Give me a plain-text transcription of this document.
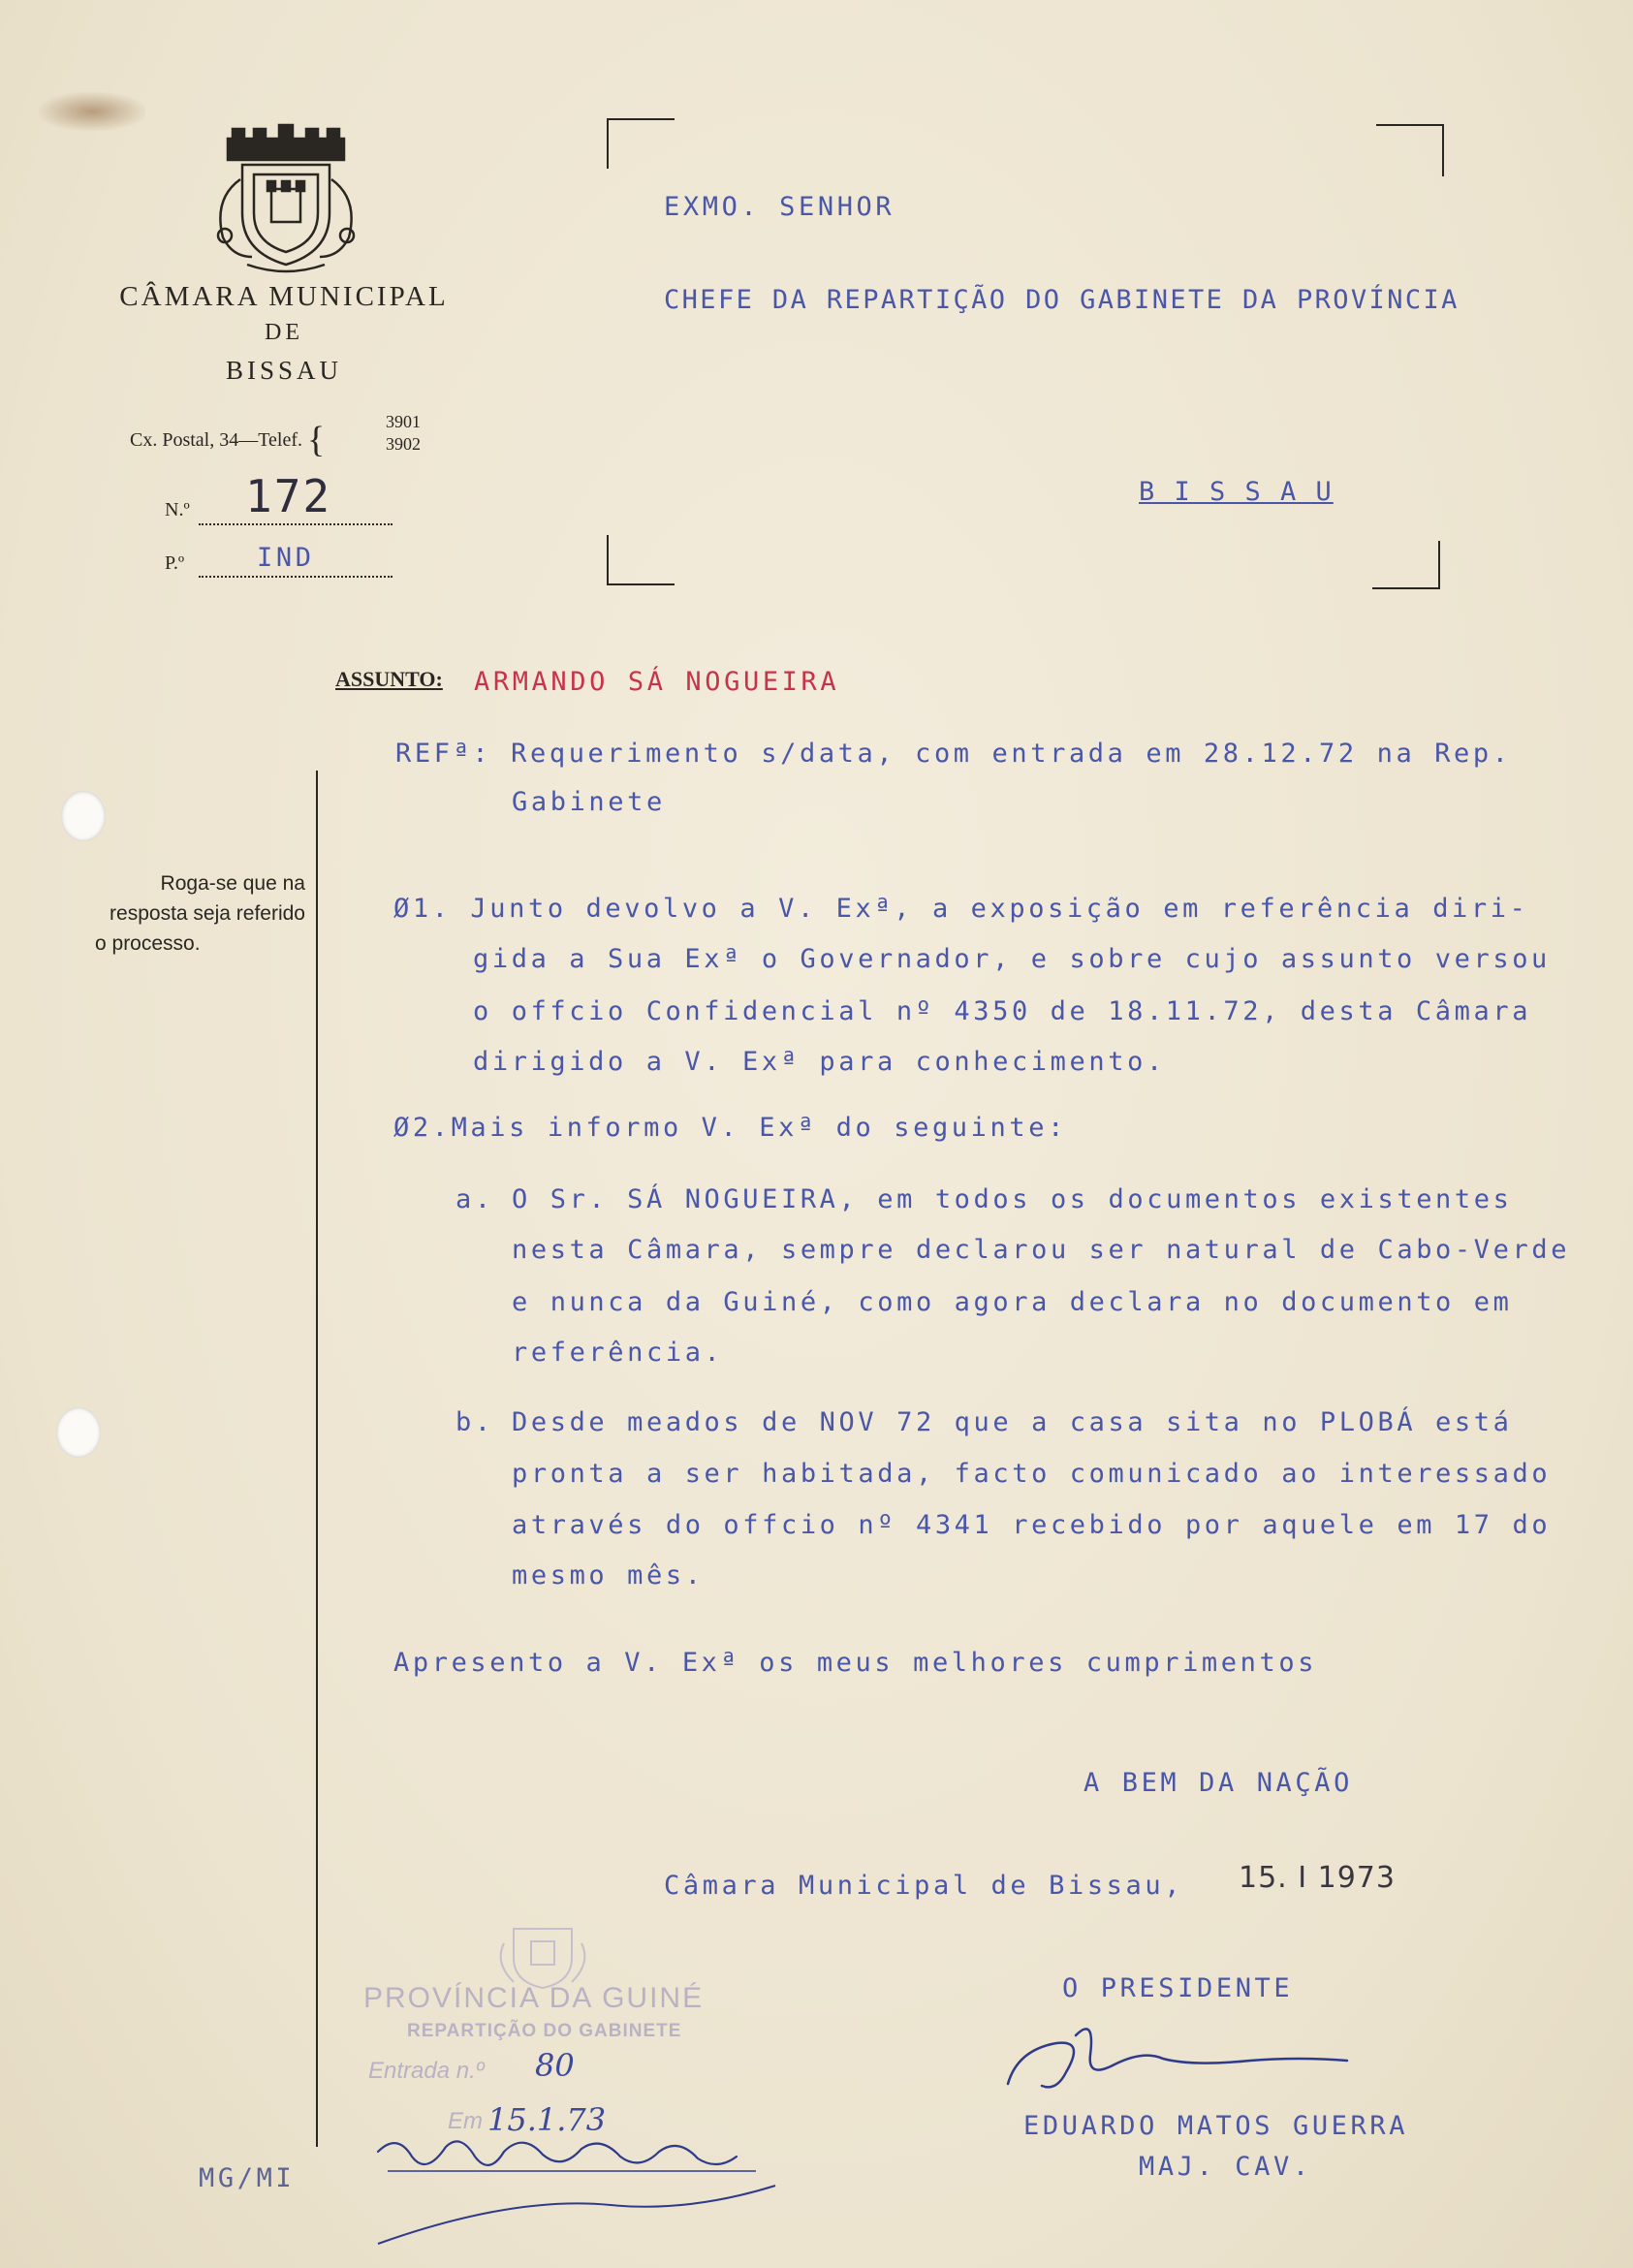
CÂMARA MUNICIPAL
DE
BISSAU
Cx. Postal, 34—Telef. {	3901
3902
N.º 172
P.º	IND
EXMO. SENHOR
CHEFE DA REPARTIÇÃO DO GABINETE DA PROVÍNCIA
B I S S A U
ASSUNTO: ARMANDO SÁ NOGUEIRA
Roga-se que na
resposta seja referido
o processo.
REFª: Requerimento s/data, com entrada em 28.12.72 na Rep.
Gabinete
Ø1. Junto devolvo a V. Exª, a exposição em referência diri-
gida a Sua Exª o Governador, e sobre cujo assunto versou
o offcio Confidencial nº 4350 de 18.11.72, desta Câmara
dirigido a V. Exª para conhecimento.
Ø2.Mais informo V. Exª do seguinte:
a. O Sr. SÁ NOGUEIRA, em todos os documentos existentes
nesta Câmara, sempre declarou ser natural de Cabo-Verde
e nunca da Guiné, como agora declara no documento em
referência.
b. Desde meados de NOV 72 que a casa sita no PLOBÁ está
pronta a ser habitada, facto comunicado ao interessado
através do offcio nº 4341 recebido por aquele em 17 do
mesmo mês.
Apresento a V. Exª os meus melhores cumprimentos
A BEM DA NAÇÃO
Câmara Municipal de Bissau, 15. I 1973
O PRESIDENTE
EDUARDO MATOS GUERRA
MAJ. CAV.
PROVÍNCIA DA GUINÉ
REPARTIÇÃO DO GABINETE
Entrada n.º 80
Em 15.1.73
MG/MI
